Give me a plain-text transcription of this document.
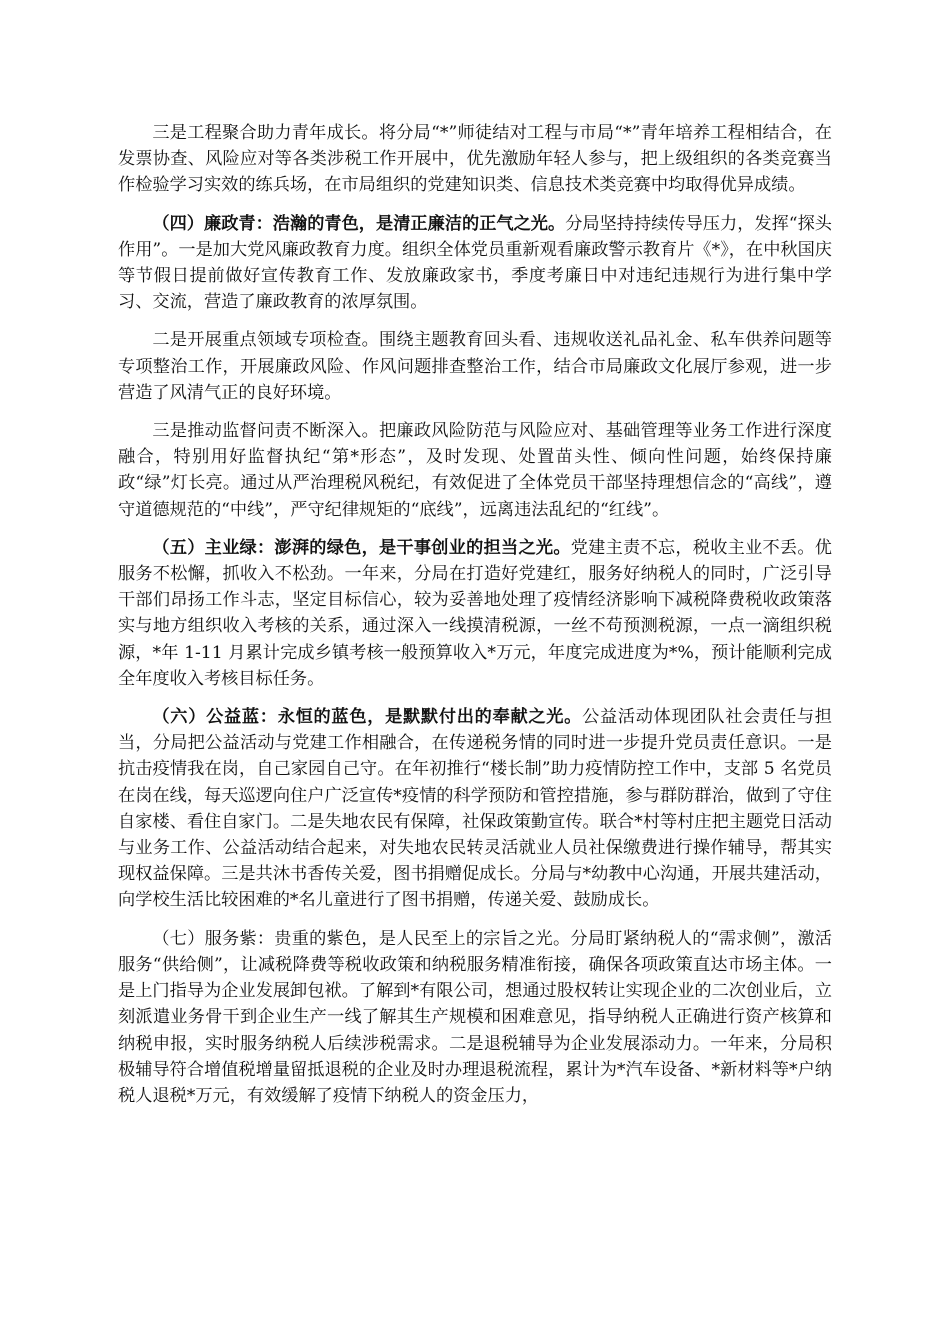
三是工程聚合助力青年成长。将分局“*”师徒结对工程与市局“*”青年培养工程相结合，在发票协查、风险应对等各类涉税工作开展中，优先激励年轻人参与，把上级组织的各类竞赛当作检验学习实效的练兵场，在市局组织的党建知识类、信息技术类竞赛中均取得优异成绩。

（四）廉政青：浩瀚的青色，是清正廉洁的正气之光。分局坚持持续传导压力，发挥“探头作用”。一是加大党风廉政教育力度。组织全体党员重新观看廉政警示教育片《*》，在中秋国庆等节假日提前做好宣传教育工作、发放廉政家书，季度考廉日中对违纪违规行为进行集中学习、交流，营造了廉政教育的浓厚氛围。

二是开展重点领域专项检查。围绕主题教育回头看、违规收送礼品礼金、私车供养问题等专项整治工作，开展廉政风险、作风问题排查整治工作，结合市局廉政文化展厅参观，进一步营造了风清气正的良好环境。

三是推动监督问责不断深入。把廉政风险防范与风险应对、基础管理等业务工作进行深度融合，特别用好监督执纪“第*形态”，及时发现、处置苗头性、倾向性问题，始终保持廉政“绿”灯长亮。通过从严治理税风税纪，有效促进了全体党员干部坚持理想信念的“高线”，遵守道德规范的“中线”，严守纪律规矩的“底线”，远离违法乱纪的“红线”。

（五）主业绿：澎湃的绿色，是干事创业的担当之光。党建主责不忘，税收主业不丢。优服务不松懈，抓收入不松劲。一年来，分局在打造好党建红，服务好纳税人的同时，广泛引导干部们昂扬工作斗志，坚定目标信心，较为妥善地处理了疫情经济影响下减税降费税收政策落实与地方组织收入考核的关系，通过深入一线摸清税源，一丝不苟预测税源，一点一滴组织税源，*年 1-11 月累计完成乡镇考核一般预算收入*万元，年度完成进度为*%，预计能顺利完成全年度收入考核目标任务。

（六）公益蓝：永恒的蓝色，是默默付出的奉献之光。公益活动体现团队社会责任与担当，分局把公益活动与党建工作相融合，在传递税务情的同时进一步提升党员责任意识。一是抗击疫情我在岗，自己家园自己守。在年初推行“楼长制”助力疫情防控工作中，支部 5 名党员在岗在线，每天巡逻向住户广泛宣传*疫情的科学预防和管控措施，参与群防群治，做到了守住自家楼、看住自家门。二是失地农民有保障，社保政策勤宣传。联合*村等村庄把主题党日活动与业务工作、公益活动结合起来，对失地农民转灵活就业人员社保缴费进行操作辅导，帮其实现权益保障。三是共沐书香传关爱，图书捐赠促成长。分局与*幼教中心沟通，开展共建活动，向学校生活比较困难的*名儿童进行了图书捐赠，传递关爱、鼓励成长。

（七）服务紫：贵重的紫色，是人民至上的宗旨之光。分局盯紧纳税人的“需求侧”，激活服务“供给侧”，让减税降费等税收政策和纳税服务精准衔接，确保各项政策直达市场主体。一是上门指导为企业发展卸包袱。了解到*有限公司，想通过股权转让实现企业的二次创业后，立刻派遣业务骨干到企业生产一线了解其生产规模和困难意见，指导纳税人正确进行资产核算和纳税申报，实时服务纳税人后续涉税需求。二是退税辅导为企业发展添动力。一年来，分局积极辅导符合增值税增量留抵退税的企业及时办理退税流程，累计为*汽车设备、*新材料等*户纳税人退税*万元，有效缓解了疫情下纳税人的资金压力，
